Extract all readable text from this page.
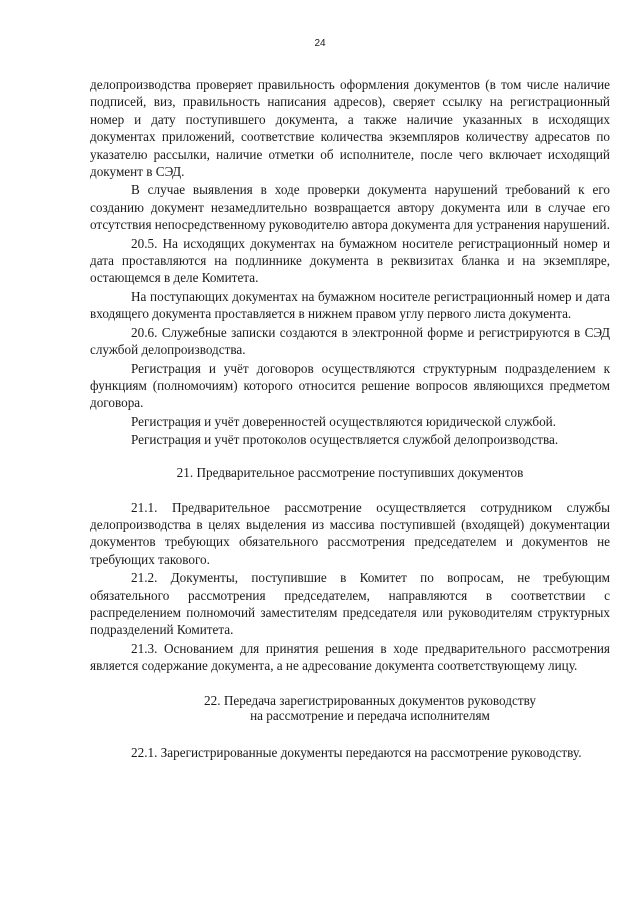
24

делопроизводства проверяет правильность оформления документов (в том числе наличие подписей, виз, правильность написания адресов), сверяет ссылку на регистрационный номер и дату поступившего документа, а также наличие указанных в исходящих документах приложений, соответствие количества экземпляров количеству адресатов по указателю рассылки, наличие отметки об исполнителе, после чего включает исходящий документ в СЭД.

В случае выявления в ходе проверки документа нарушений требований к его созданию документ незамедлительно возвращается автору документа или в случае его отсутствия непосредственному руководителю автора документа для устранения нарушений.

20.5. На исходящих документах на бумажном носителе регистрационный номер и дата проставляются на подлиннике документа в реквизитах бланка и на экземпляре, остающемся в деле Комитета.

На поступающих документах на бумажном носителе регистрационный номер и дата входящего документа проставляется в нижнем правом углу первого листа документа.

20.6. Служебные записки создаются в электронной форме и регистрируются в СЭД службой делопроизводства.

Регистрация и учёт договоров осуществляются структурным подразделением к функциям (полномочиям) которого относится решение вопросов являющихся предметом договора.

Регистрация и учёт доверенностей осуществляются юридической службой.

Регистрация и учёт протоколов осуществляется службой делопроизводства.

21. Предварительное рассмотрение поступивших документов

21.1. Предварительное рассмотрение осуществляется сотрудником службы делопроизводства в целях выделения из массива поступившей (входящей) документации документов требующих обязательного рассмотрения председателем и документов не требующих такового.

21.2. Документы, поступившие в Комитет по вопросам, не требующим обязательного рассмотрения председателем, направляются в соответствии с распределением полномочий заместителям председателя или руководителям структурных подразделений Комитета.

21.3. Основанием для принятия решения в ходе предварительного рассмотрения является содержание документа, а не адресование документа соответствующему лицу.

22. Передача зарегистрированных документов руководству
на рассмотрение и передача исполнителям

22.1. Зарегистрированные документы передаются на рассмотрение руководству.
